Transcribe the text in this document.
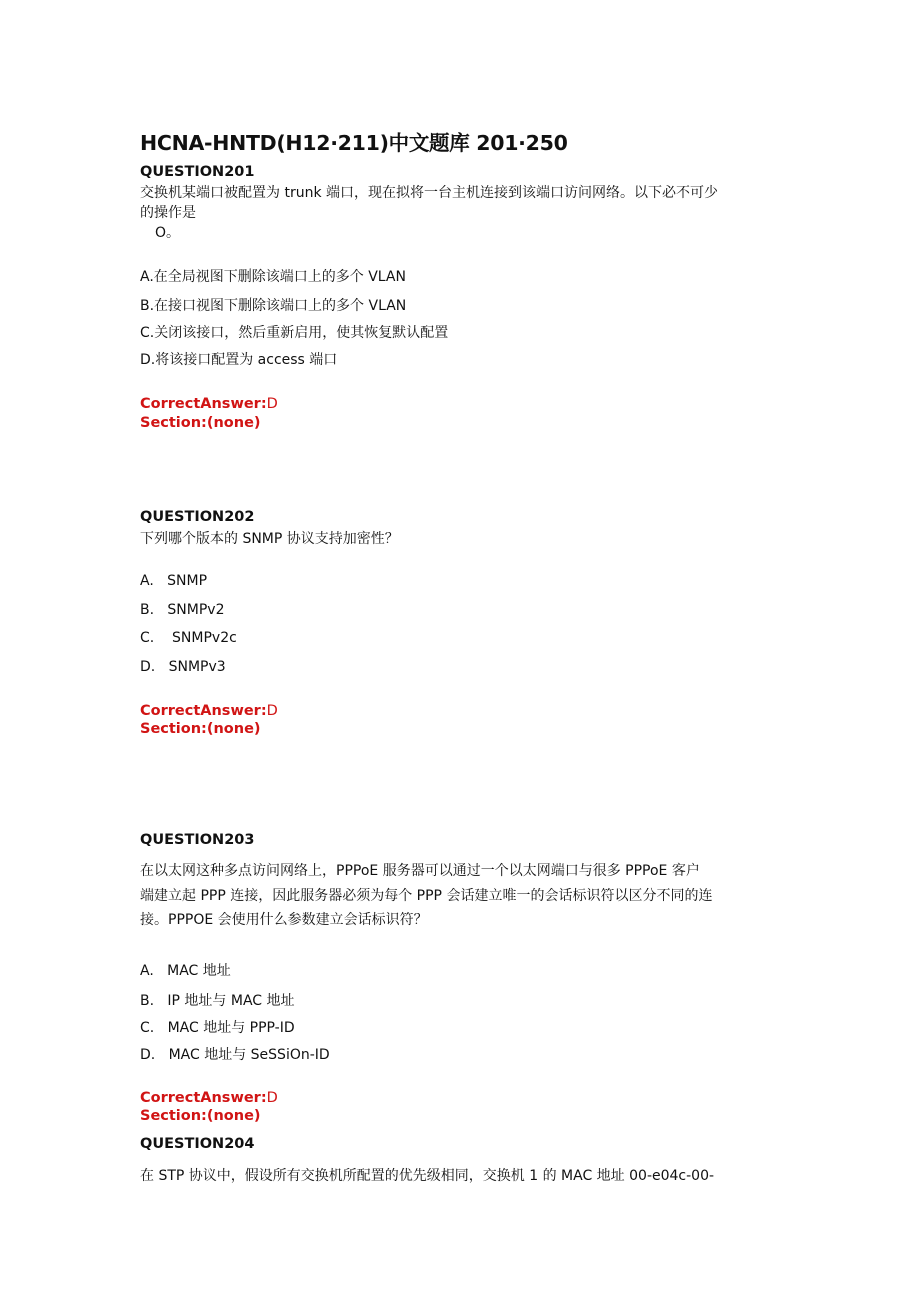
HCNA-HNTD(H12·211)中文题库 201·250
QUESTION201
交换机某端口被配置为 trunk 端口，现在拟将一台主机连接到该端口访问网络。以下必不可少
的操作是
O。
A.在全局视图下删除该端口上的多个 VLAN
B.在接口视图下删除该端口上的多个 VLAN
C.关闭该接口，然后重新启用，使其恢复默认配置
D.将该接口配置为 access 端口
CorrectAnswer:D
Section:(none)
QUESTION202
下列哪个版本的 SNMP 协议支持加密性？
A.   SNMP
B.   SNMPv2
C.    SNMPv2c
D.   SNMPv3
CorrectAnswer:D
Section:(none)
QUESTION203
在以太网这种多点访问网络上，PPPoE 服务器可以通过一个以太网端口与很多 PPPoE 客户
端建立起 PPP 连接，因此服务器必须为每个 PPP 会话建立唯一的会话标识符以区分不同的连
接。PPPOE 会使用什么参数建立会话标识符？
A.   MAC 地址
B.   IP 地址与 MAC 地址
C.   MAC 地址与 PPP-ID
D.   MAC 地址与 SeSSiOn-ID
CorrectAnswer:D
Section:(none)
QUESTION204
在 STP 协议中，假设所有交换机所配置的优先级相同，交换机 1 的 MAC 地址 00-e04c-00-
